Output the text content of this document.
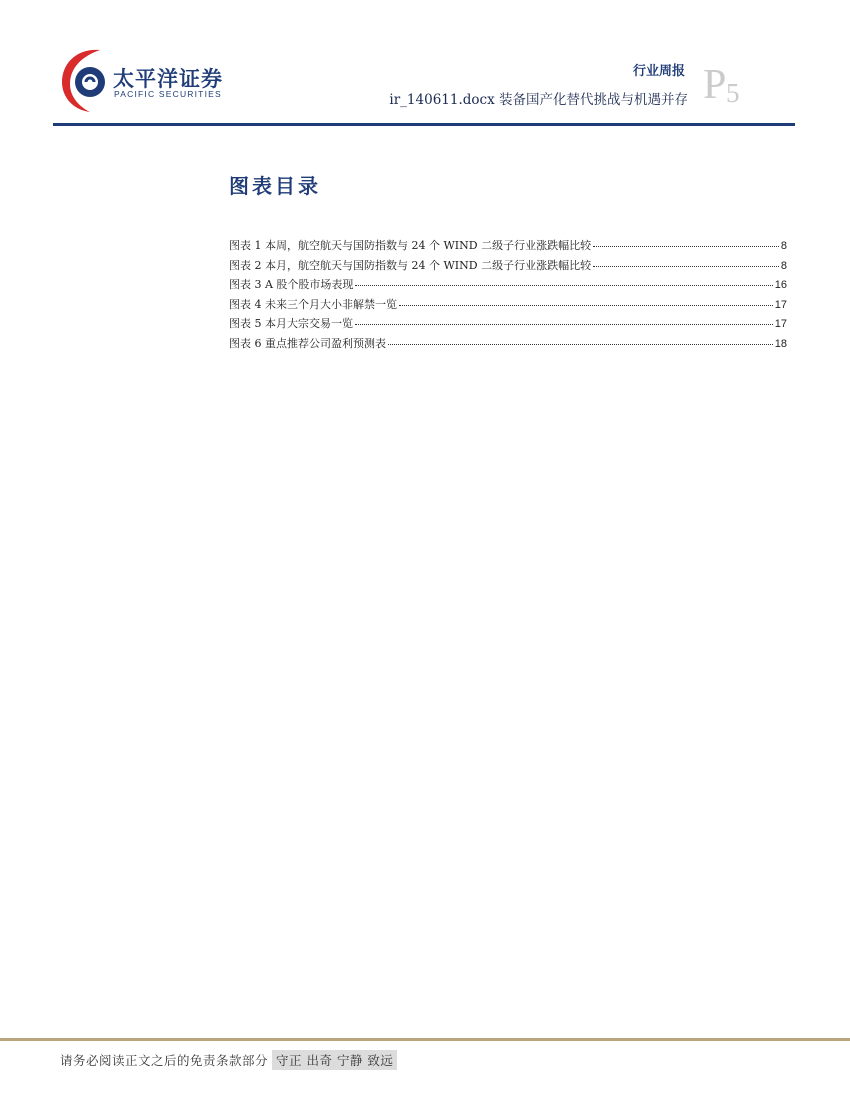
太平洋证券
PACIFIC SECURITIES
行业周报
ir_140611.docx 装备国产化替代挑战与机遇并存 P 5
图表目录
图表 1 本周，航空航天与国防指数与 24 个 WIND 二级子行业涨跌幅比较	8
图表 2 本月，航空航天与国防指数与 24 个 WIND 二级子行业涨跌幅比较	8
图表 3 A 股个股市场表现	16
图表 4 未来三个月大小非解禁一览	17
图表 5 本月大宗交易一览	17
图表 6 重点推荐公司盈利预测表	18
请务必阅读正文之后的免责条款部分 守正 出奇 宁静 致远
